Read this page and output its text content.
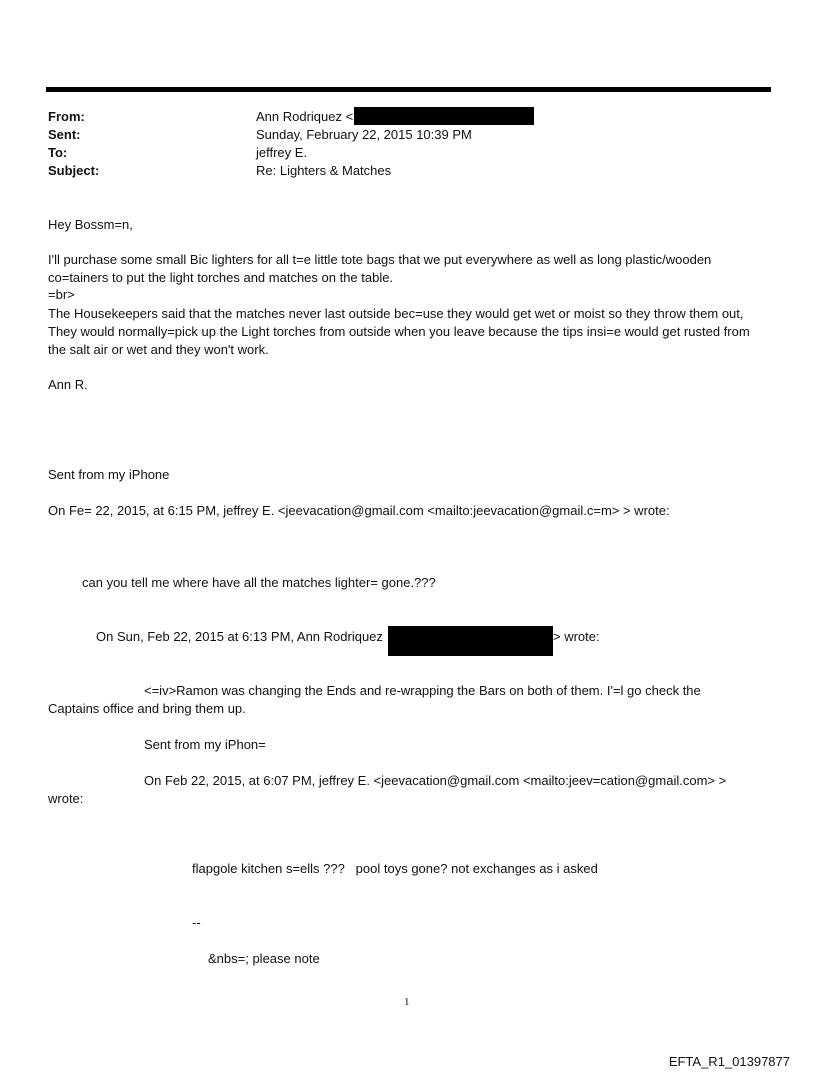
From:	Ann Rodriquez <
Sent:	Sunday, February 22, 2015 10:39 PM
To:	jeffrey E.
Subject:	Re: Lighters & Matches
Hey Bossm=n,
I'll purchase some small Bic lighters for all t=e little tote bags that we put everywhere as well as long plastic/wooden co=tainers to put the light torches and matches on the table.
=br>
The Housekeepers said that the matches never last outside bec=use they would get wet or moist so they throw them out, They would normally=pick up the Light torches from outside when you leave because the tips insi=e would get rusted from the salt air or wet and they won't work.
Ann R.
Sent from my iPhone
On Fe= 22, 2015, at 6:15 PM, jeffrey E. <jeevacation@gmail.com <mailto:jeevacation@gmail.c=m> > wrote:
can you tell me where have all the matches lighter= gone.???
On Sun, Feb 22, 2015 at 6:13 PM, Ann Rodriquez	> wrote:
<=iv>Ramon was changing the Ends and re-wrapping the Bars on both of them. I'=l go check the
Captains office and bring them up.
Sent from my iPhon=
On Feb 22, 2015, at 6:07 PM, jeffrey E. <jeevacation@gmail.com <mailto:jeev=cation@gmail.com> >
wrote:
flapgole kitchen s=ells ???   pool toys gone? not exchanges as i asked
--
&nbs=; please note
1
EFTA_R1_01397877
